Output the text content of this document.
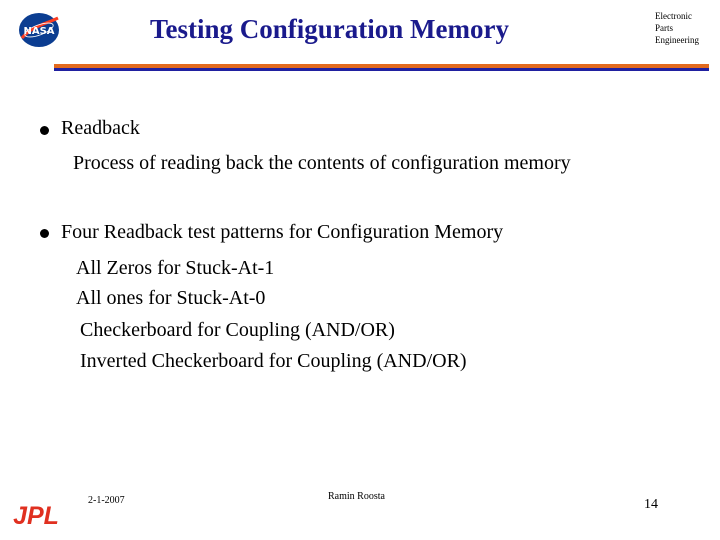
NASA	Testing Configuration Memory	Electronic
Parts
Engineering
Readback
Process of reading back the contents of configuration memory
Four Readback test patterns for Configuration Memory
All Zeros for Stuck-At-1
All ones for Stuck-At-0
Checkerboard for Coupling (AND/OR)
Inverted Checkerboard for Coupling (AND/OR)
JPL
2-1-2007	Ramin Roosta
14
